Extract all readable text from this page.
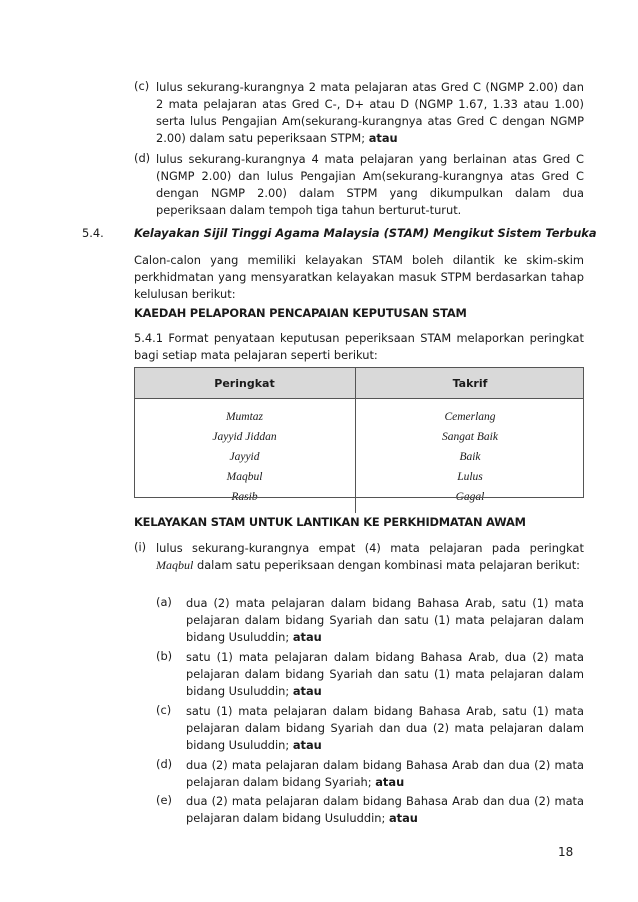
(c) lulus sekurang-kurangnya 2 mata pelajaran atas Gred C (NGMP 2.00) dan 2 mata pelajaran atas Gred C-, D+ atau D (NGMP 1.67, 1.33 atau 1.00) serta lulus Pengajian Am(sekurang-kurangnya atas Gred C dengan NGMP 2.00) dalam satu peperiksaan STPM; atau
(d) lulus sekurang-kurangnya 4 mata pelajaran yang berlainan atas Gred C (NGMP 2.00) dan lulus Pengajian Am(sekurang-kurangnya atas Gred C dengan NGMP 2.00) dalam STPM yang dikumpulkan dalam dua peperiksaan dalam tempoh tiga tahun berturut-turut.
5.4.	Kelayakan Sijil Tinggi Agama Malaysia (STAM) Mengikut Sistem Terbuka
Calon-calon yang memiliki kelayakan STAM boleh dilantik ke skim-skim perkhidmatan yang mensyaratkan kelayakan masuk STPM berdasarkan tahap kelulusan berikut:
KAEDAH PELAPORAN PENCAPAIAN KEPUTUSAN STAM
5.4.1 Format penyataan keputusan peperiksaan STAM melaporkan peringkat bagi setiap mata pelajaran seperti berikut:
Peringkat	Takrif
Mumtaz	Cemerlang
Jayyid Jiddan	Sangat Baik
Jayyid	Baik
Maqbul	Lulus
Rasib	Gagal
KELAYAKAN STAM UNTUK LANTIKAN KE PERKHIDMATAN AWAM
(i) lulus sekurang-kurangnya empat (4) mata pelajaran pada peringkat Maqbul dalam satu peperiksaan dengan kombinasi mata pelajaran berikut:
(a) dua (2) mata pelajaran dalam bidang Bahasa Arab, satu (1) mata pelajaran dalam bidang Syariah dan satu (1) mata pelajaran dalam bidang Usuluddin; atau
(b) satu (1) mata pelajaran dalam bidang Bahasa Arab, dua (2) mata pelajaran dalam bidang Syariah dan satu (1) mata pelajaran dalam bidang Usuluddin; atau
(c) satu (1) mata pelajaran dalam bidang Bahasa Arab, satu (1) mata pelajaran dalam bidang Syariah dan dua (2) mata pelajaran dalam bidang Usuluddin; atau
(d) dua (2) mata pelajaran dalam bidang Bahasa Arab dan dua (2) mata pelajaran dalam bidang Syariah; atau
(e) dua (2) mata pelajaran dalam bidang Bahasa Arab dan dua (2) mata pelajaran dalam bidang Usuluddin; atau
18
